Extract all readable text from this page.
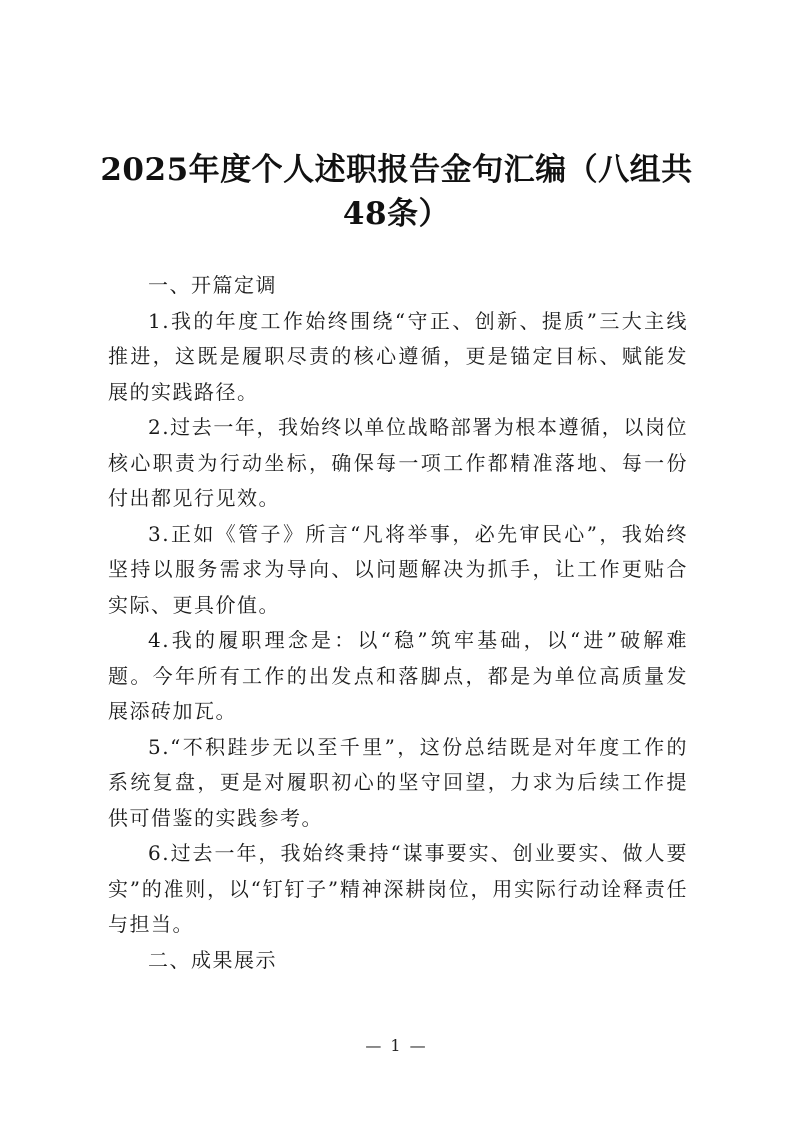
2025年度个人述职报告金句汇编（八组共48条）

一、开篇定调

1.我的年度工作始终围绕“守正、创新、提质”三大主线推进，这既是履职尽责的核心遵循，更是锚定目标、赋能发展的实践路径。

2.过去一年，我始终以单位战略部署为根本遵循，以岗位核心职责为行动坐标，确保每一项工作都精准落地、每一份付出都见行见效。

3.正如《管子》所言“凡将举事，必先审民心”，我始终坚持以服务需求为导向、以问题解决为抓手，让工作更贴合实际、更具价值。

4.我的履职理念是：以“稳”筑牢基础，以“进”破解难题。今年所有工作的出发点和落脚点，都是为单位高质量发展添砖加瓦。

5.“不积跬步无以至千里”，这份总结既是对年度工作的系统复盘，更是对履职初心的坚守回望，力求为后续工作提供可借鉴的实践参考。

6.过去一年，我始终秉持“谋事要实、创业要实、做人要实”的准则，以“钉钉子”精神深耕岗位，用实际行动诠释责任与担当。

二、成果展示

— 1 —
